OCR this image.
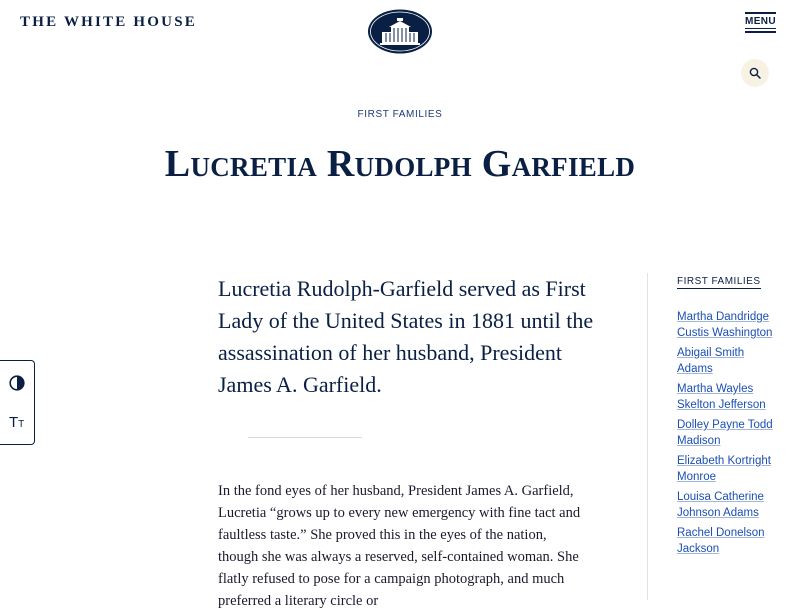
THE WHITE HOUSE	MENU
FIRST FAMILIES
Lucretia Rudolph Garfield
TT

Lucretia Rudolph-Garfield served as First Lady of the United States in 1881 until the assassination of her husband, President James A. Garfield.

In the fond eyes of her husband, President James A. Garfield, Lucretia “grows up to every new emergency with fine tact and faultless taste.” She proved this in the eyes of the nation, though she was always a reserved, self-contained woman. She flatly refused to pose for a campaign photograph, and much preferred a literary circle or

FIRST FAMILIES
Martha Dandridge Custis Washington
Abigail Smith Adams
Martha Wayles Skelton Jefferson
Dolley Payne Todd Madison
Elizabeth Kortright Monroe
Louisa Catherine Johnson Adams
Rachel Donelson Jackson
